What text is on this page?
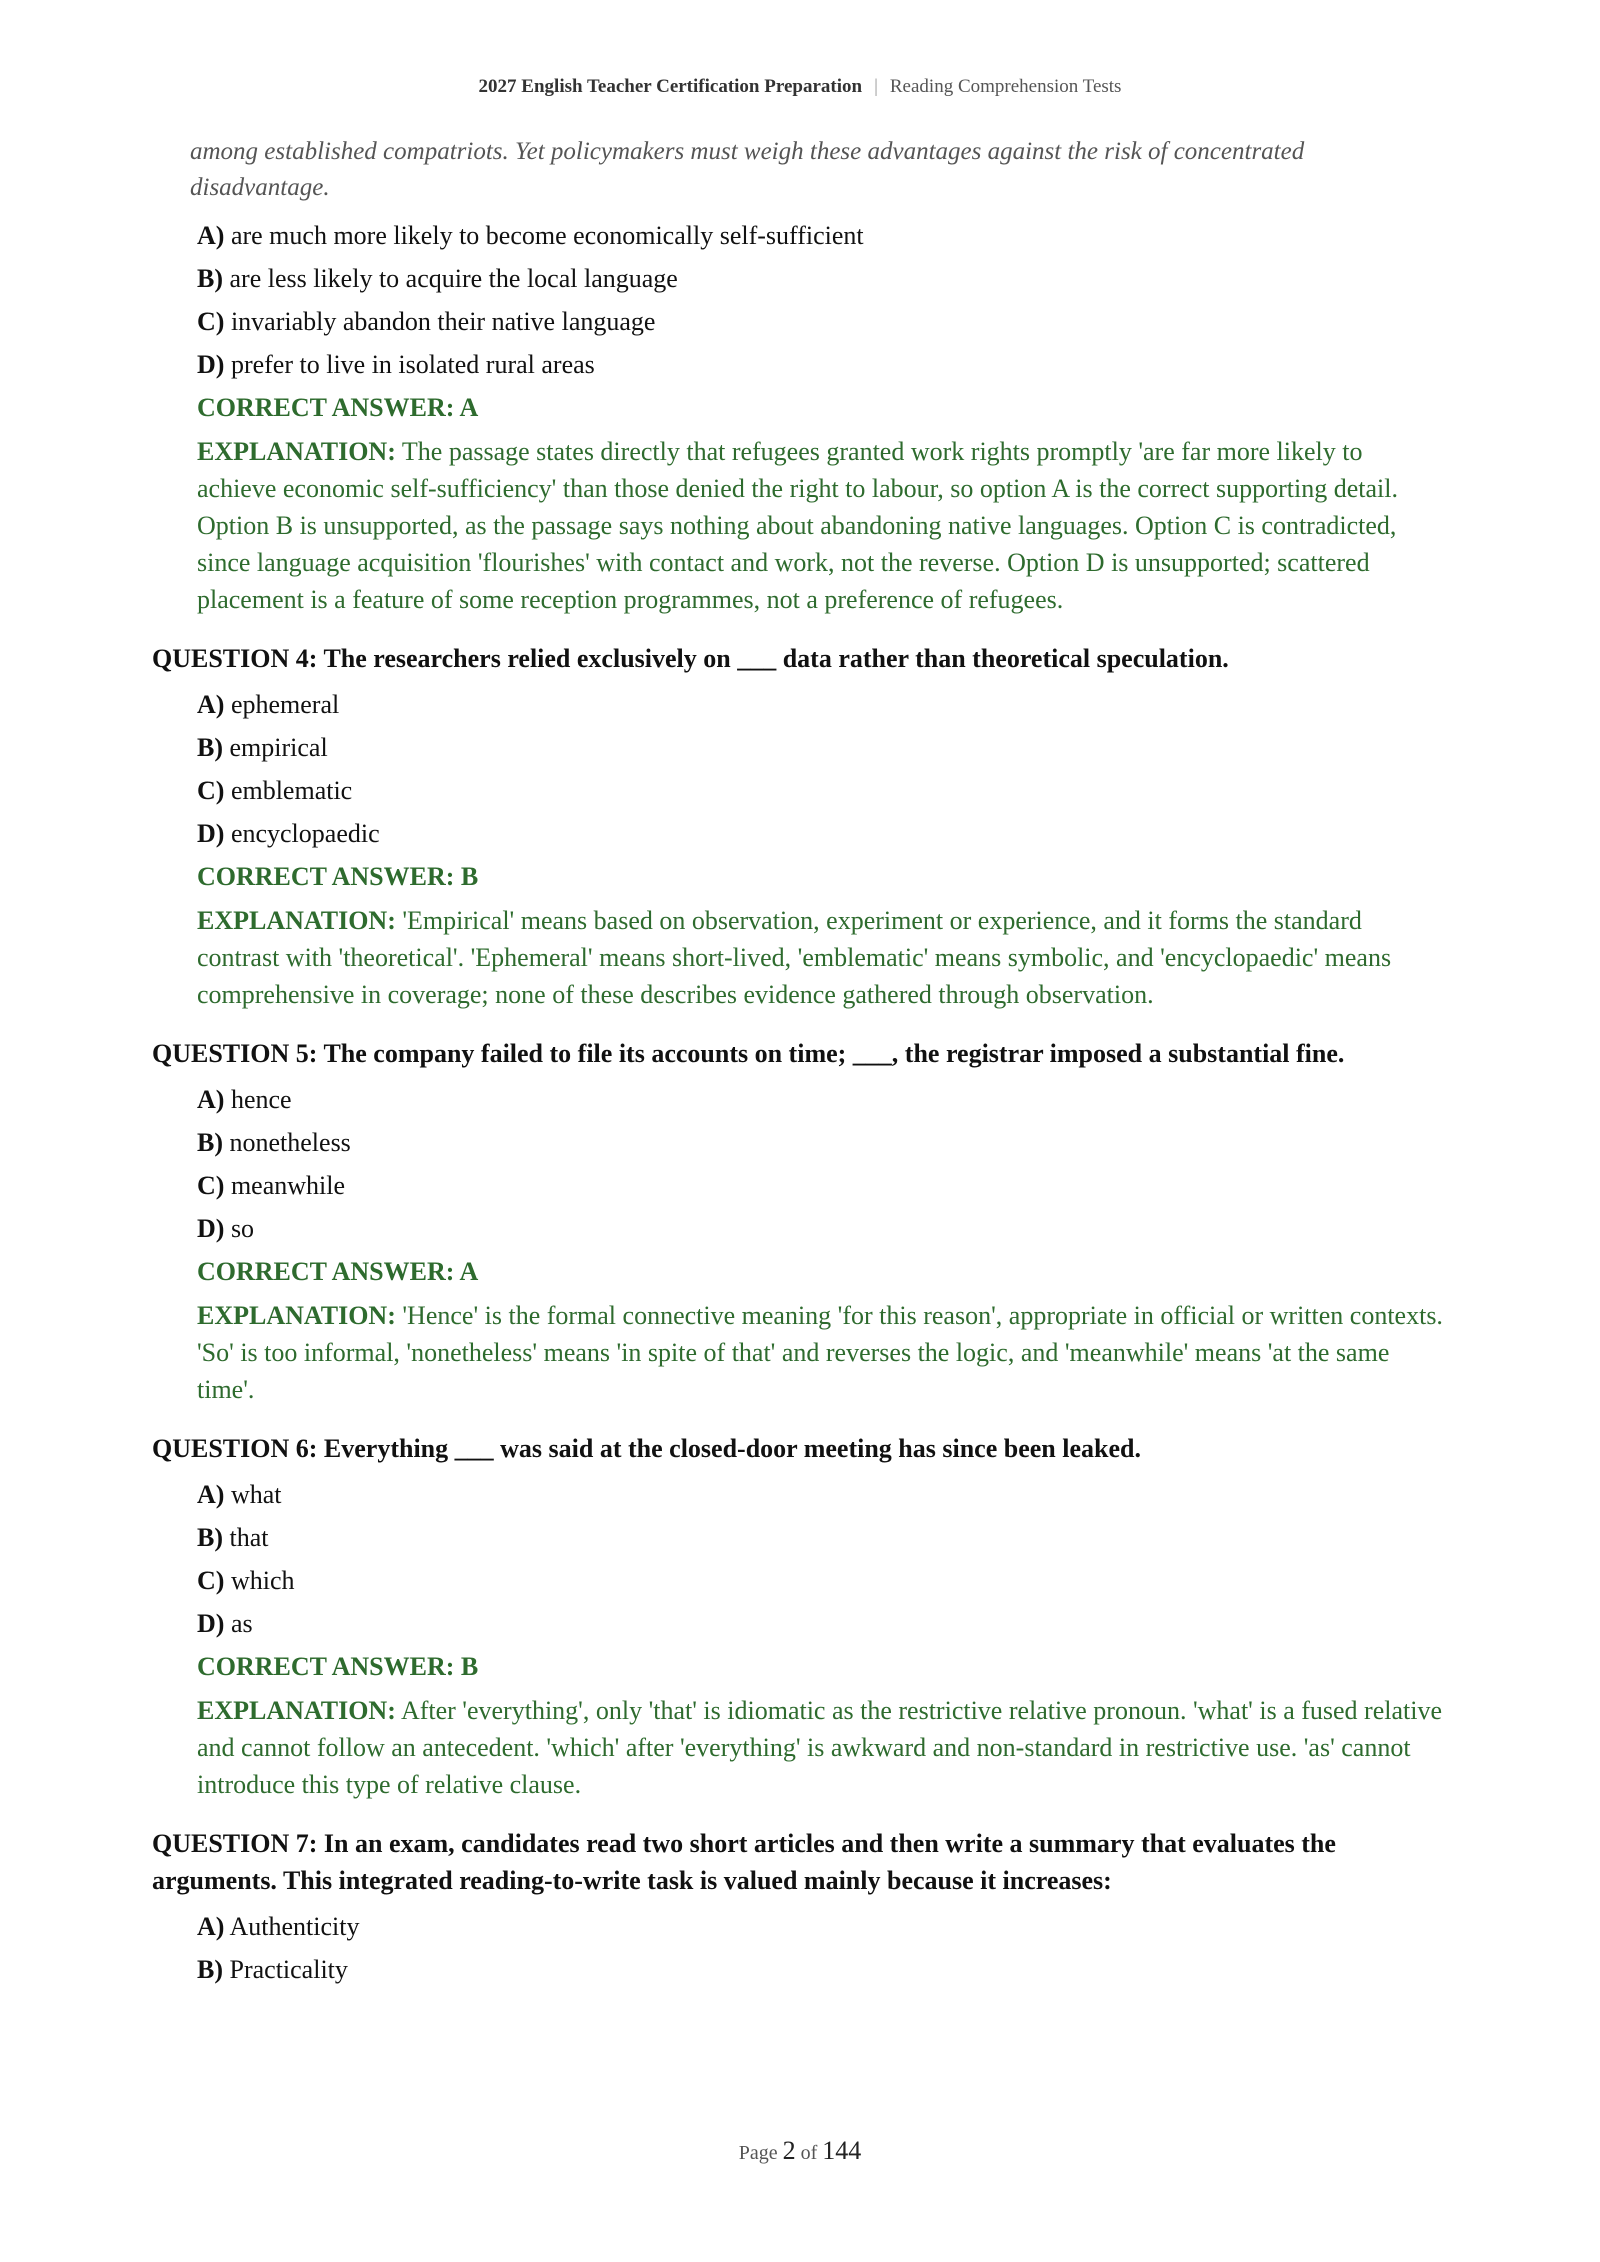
2027 English Teacher Certification Preparation | Reading Comprehension Tests

among established compatriots. Yet policymakers must weigh these advantages against the risk of concentrated disadvantage.

A) are much more likely to become economically self-sufficient
B) are less likely to acquire the local language
C) invariably abandon their native language
D) prefer to live in isolated rural areas
CORRECT ANSWER: A

EXPLANATION: The passage states directly that refugees granted work rights promptly 'are far more likely to achieve economic self-sufficiency' than those denied the right to labour, so option A is the correct supporting detail. Option B is unsupported, as the passage says nothing about abandoning native languages. Option C is contradicted, since language acquisition 'flourishes' with contact and work, not the reverse. Option D is unsupported; scattered placement is a feature of some reception programmes, not a preference of refugees.

QUESTION 4: The researchers relied exclusively on ___ data rather than theoretical speculation.

A) ephemeral
B) empirical
C) emblematic
D) encyclopaedic
CORRECT ANSWER: B

EXPLANATION: 'Empirical' means based on observation, experiment or experience, and it forms the standard contrast with 'theoretical'. 'Ephemeral' means short-lived, 'emblematic' means symbolic, and 'encyclopaedic' means comprehensive in coverage; none of these describes evidence gathered through observation.

QUESTION 5: The company failed to file its accounts on time; ___, the registrar imposed a substantial fine.

A) hence
B) nonetheless
C) meanwhile
D) so
CORRECT ANSWER: A

EXPLANATION: 'Hence' is the formal connective meaning 'for this reason', appropriate in official or written contexts. 'So' is too informal, 'nonetheless' means 'in spite of that' and reverses the logic, and 'meanwhile' means 'at the same time'.

QUESTION 6: Everything ___ was said at the closed-door meeting has since been leaked.

A) what
B) that
C) which
D) as
CORRECT ANSWER: B

EXPLANATION: After 'everything', only 'that' is idiomatic as the restrictive relative pronoun. 'what' is a fused relative and cannot follow an antecedent. 'which' after 'everything' is awkward and non-standard in restrictive use. 'as' cannot introduce this type of relative clause.

QUESTION 7: In an exam, candidates read two short articles and then write a summary that evaluates the arguments. This integrated reading-to-write task is valued mainly because it increases:

A) Authenticity
B) Practicality
Page 2 of 144
